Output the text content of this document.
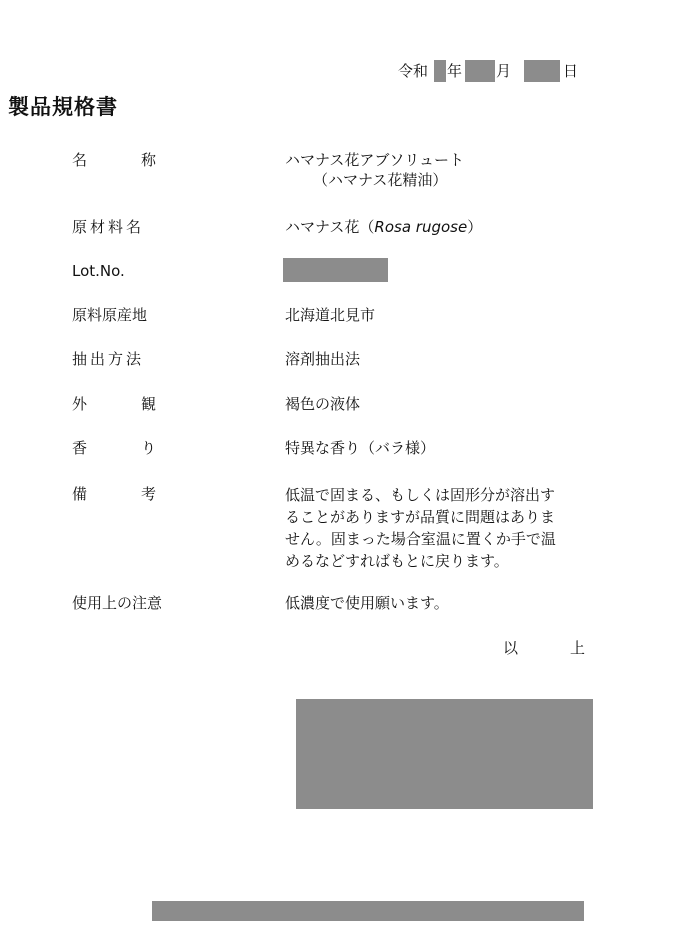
令和 年 月	日
製品規格書
名	称	ハマナス花アブソリュート
（ハマナス花精油）
原材料名	ハマナス花（Rosa rugose）
Lot.No.
原料原産地	北海道北見市
抽出方法	溶剤抽出法
外	観	褐色の液体
香	り	特異な香り（バラ様）
備	考	低温で固まる、もしくは固形分が溶出す
ることがありますが品質に問題はありま
せん。固まった場合室温に置くか手で温
めるなどすればもとに戻ります。
使用上の注意	低濃度で使用願います。
以	上
